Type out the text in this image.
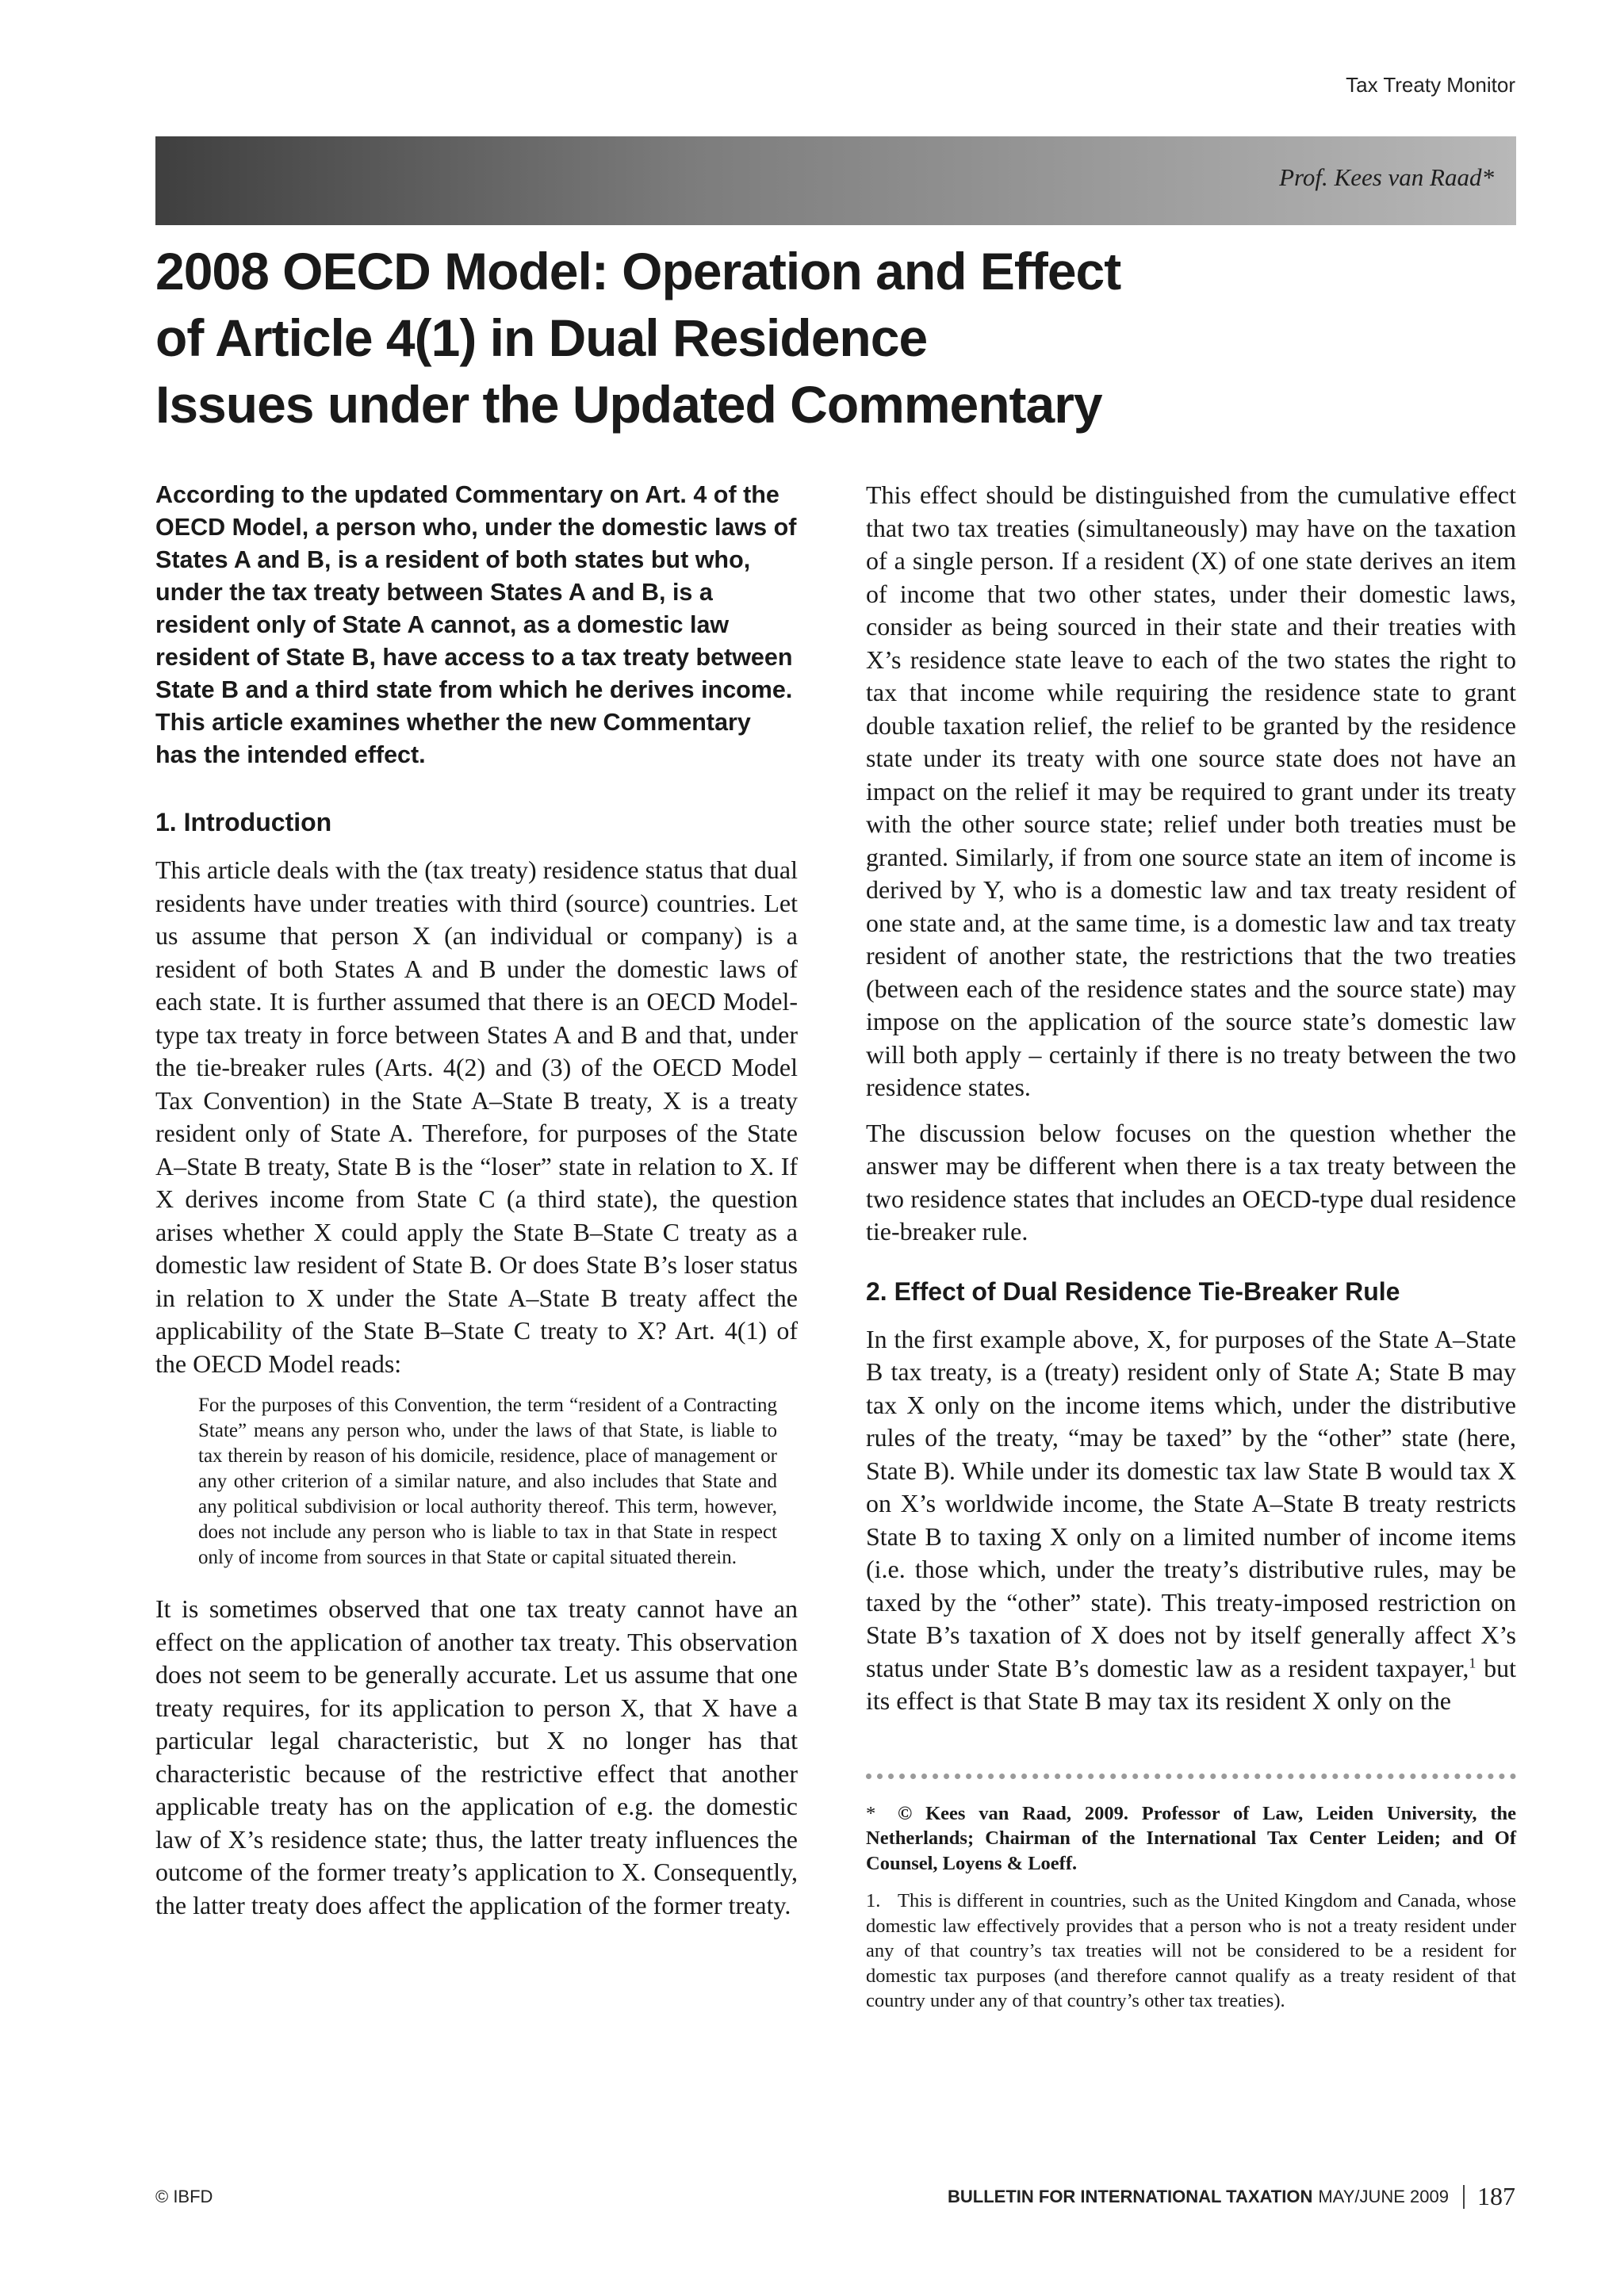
Tax Treaty Monitor
Prof. Kees van Raad*
2008 OECD Model: Operation and Effect
of Article 4(1) in Dual Residence
Issues under the Updated Commentary

According to the updated Commentary on Art. 4 of the OECD Model, a person who, under the domestic laws of States A and B, is a resident of both states but who, under the tax treaty between States A and B, is a resident only of State A cannot, as a domestic law resident of State B, have access to a tax treaty between State B and a third state from which he derives income. This article examines whether the new Commentary has the intended effect.

1. Introduction

This article deals with the (tax treaty) residence status that dual residents have under treaties with third (source) countries. Let us assume that person X (an individual or company) is a resident of both States A and B under the domestic laws of each state. It is further assumed that there is an OECD Model-type tax treaty in force between States A and B and that, under the tie-breaker rules (Arts. 4(2) and (3) of the OECD Model Tax Convention) in the State A–State B treaty, X is a treaty resident only of State A. Therefore, for purposes of the State A–State B treaty, State B is the “loser” state in relation to X. If X derives income from State C (a third state), the question arises whether X could apply the State B–State C treaty as a domestic law resident of State B. Or does State B’s loser status in relation to X under the State A–State B treaty affect the applicability of the State B–State C treaty to X? Art. 4(1) of the OECD Model reads:

For the purposes of this Convention, the term “resident of a Contracting State” means any person who, under the laws of that State, is liable to tax therein by reason of his domicile, residence, place of management or any other criterion of a similar nature, and also includes that State and any political subdivision or local authority thereof. This term, however, does not include any person who is liable to tax in that State in respect only of income from sources in that State or capital situated therein.

It is sometimes observed that one tax treaty cannot have an effect on the application of another tax treaty. This observation does not seem to be generally accurate. Let us assume that one treaty requires, for its application to person X, that X have a particular legal characteristic, but X no longer has that characteristic because of the restrictive effect that another applicable treaty has on the application of e.g. the domestic law of X’s residence state; thus, the latter treaty influences the outcome of the former treaty’s application to X. Consequently, the latter treaty does affect the application of the former treaty.

This effect should be distinguished from the cumulative effect that two tax treaties (simultaneously) may have on the taxation of a single person. If a resident (X) of one state derives an item of income that two other states, under their domestic laws, consider as being sourced in their state and their treaties with X’s residence state leave to each of the two states the right to tax that income while requiring the residence state to grant double taxation relief, the relief to be granted by the residence state under its treaty with one source state does not have an impact on the relief it may be required to grant under its treaty with the other source state; relief under both treaties must be granted. Similarly, if from one source state an item of income is derived by Y, who is a domestic law and tax treaty resident of one state and, at the same time, is a domestic law and tax treaty resident of another state, the restrictions that the two treaties (between each of the residence states and the source state) may impose on the application of the source state’s domestic law will both apply – certainly if there is no treaty between the two residence states.

The discussion below focuses on the question whether the answer may be different when there is a tax treaty between the two residence states that includes an OECD-type dual residence tie-breaker rule.

2. Effect of Dual Residence Tie-Breaker Rule

In the first example above, X, for purposes of the State A–State B tax treaty, is a (treaty) resident only of State A; State B may tax X only on the income items which, under the distributive rules of the treaty, “may be taxed” by the “other” state (here, State B). While under its domestic tax law State B would tax X on X’s worldwide income, the State A–State B treaty restricts State B to taxing X only on a limited number of income items (i.e. those which, under the treaty’s distributive rules, may be taxed by the “other” state). This treaty-imposed restriction on State B’s taxation of X does not by itself generally affect X’s status under State B’s domestic law as a resident taxpayer,$^1$ but its effect is that State B may tax its resident X only on the

* © Kees van Raad, 2009. Professor of Law, Leiden University, the Netherlands; Chairman of the International Tax Center Leiden; and Of Counsel, Loyens & Loeff.

1. This is different in countries, such as the United Kingdom and Canada, whose domestic law effectively provides that a person who is not a treaty resident under any of that country’s tax treaties will not be considered to be a resident for domestic tax purposes (and therefore cannot qualify as a treaty resident of that country under any of that country’s other tax treaties).

© IBFD	BULLETIN FOR INTERNATIONAL TAXATION MAY/JUNE 2009 187
